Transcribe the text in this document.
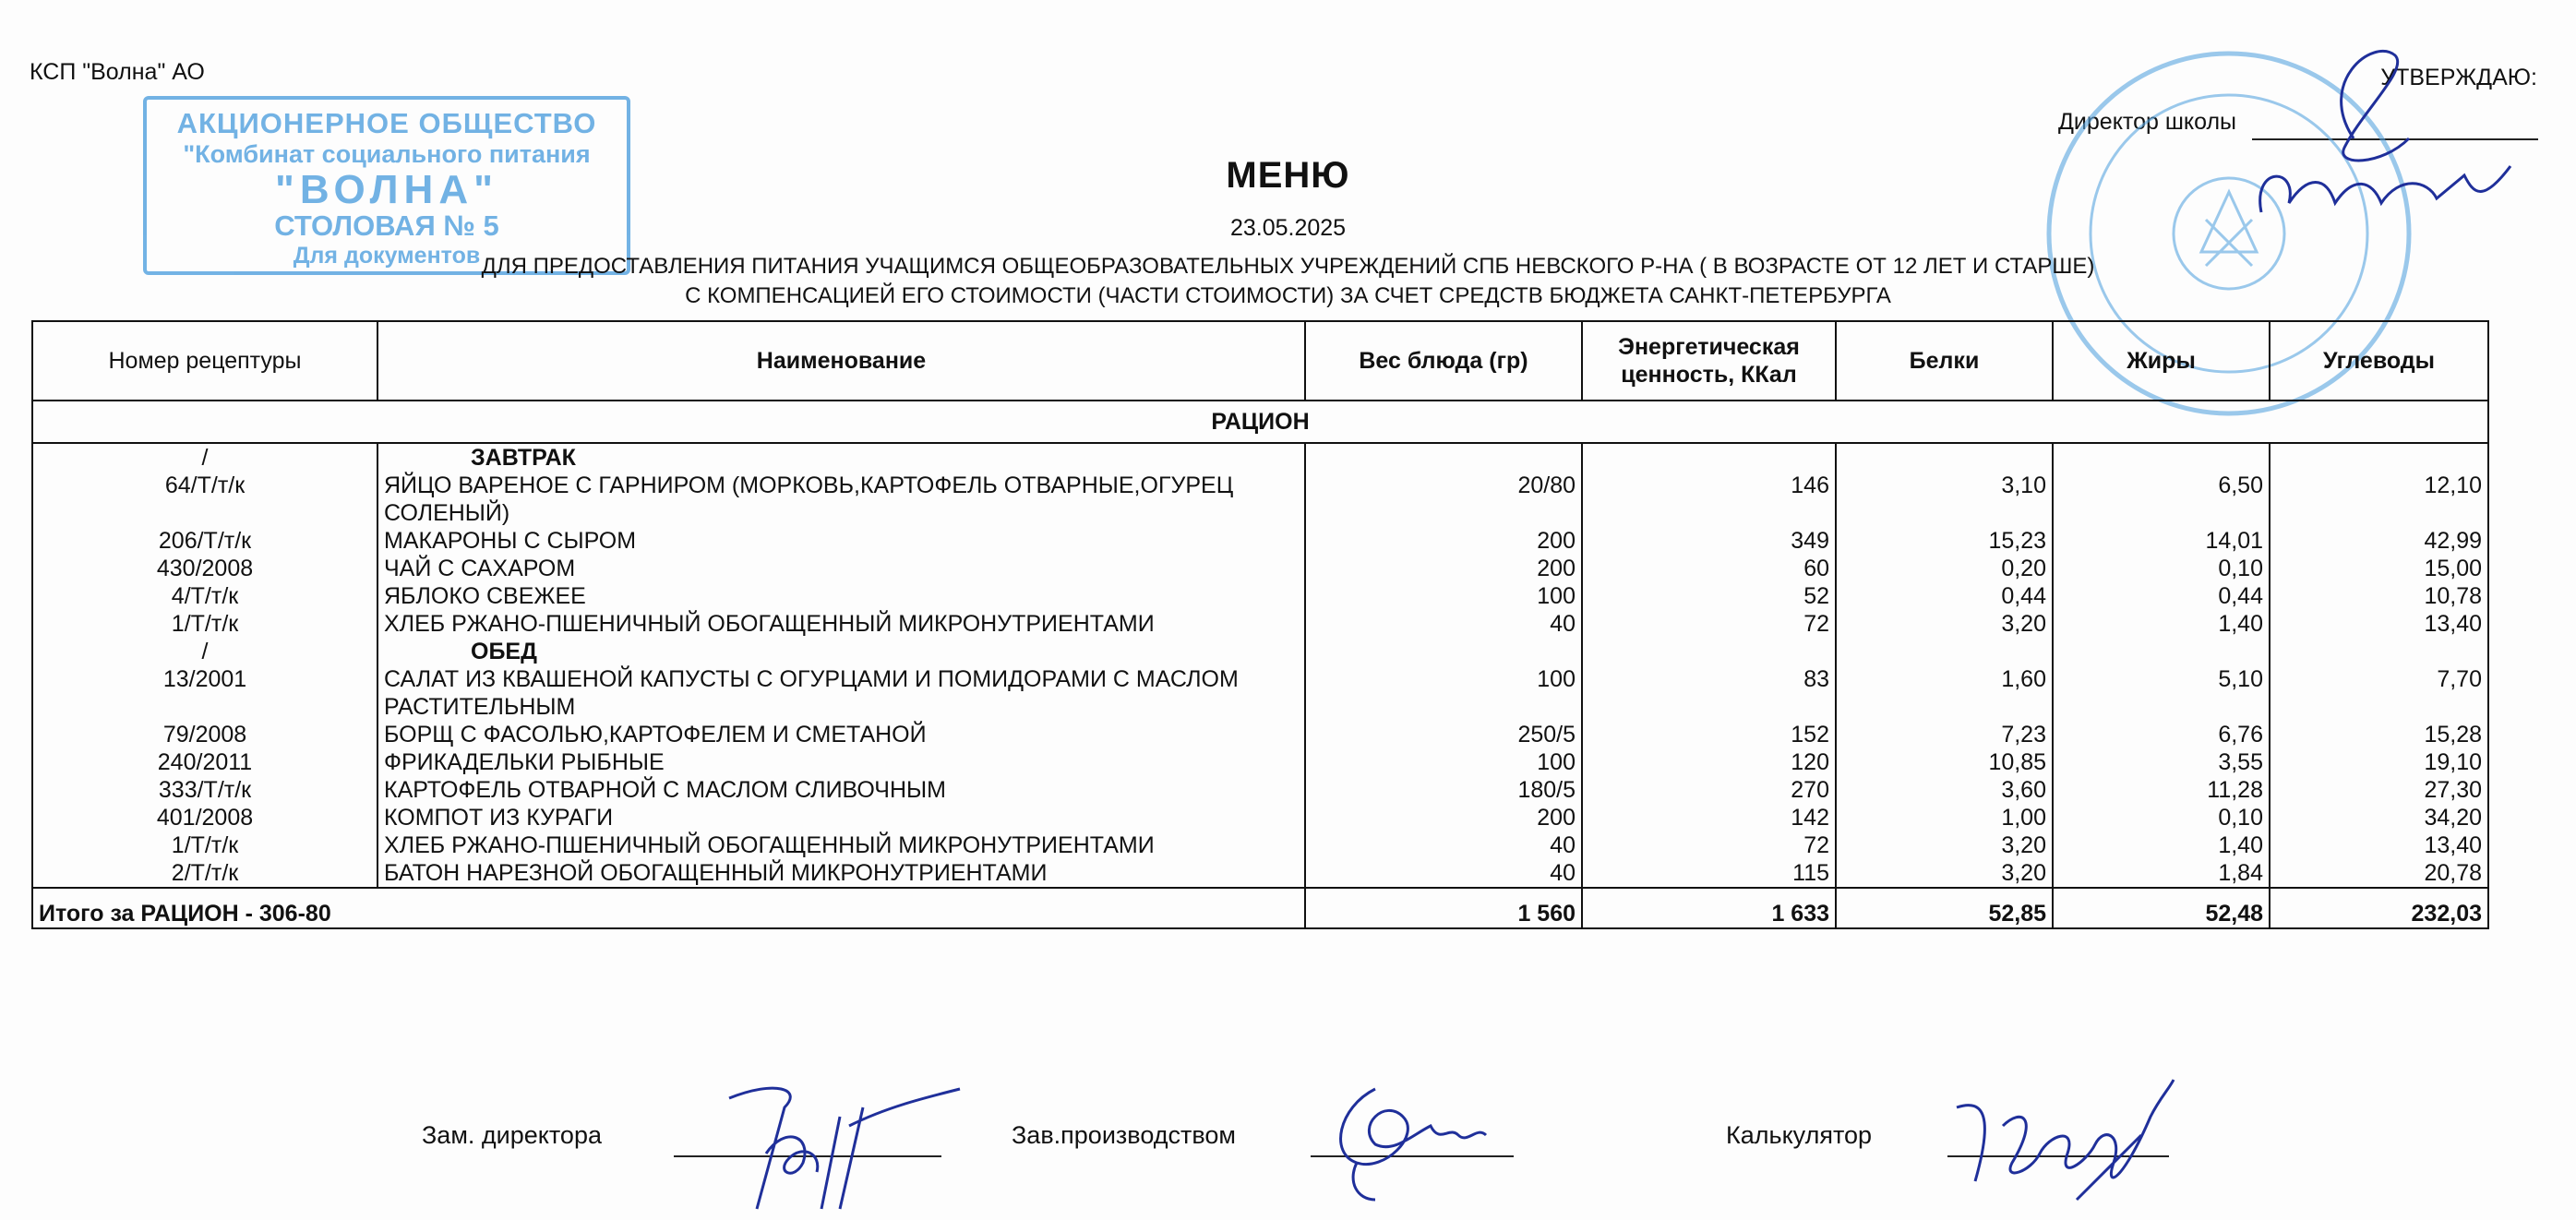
КСП "Волна" АО	УТВЕРЖДАЮ:
Директор школы
АКЦИОНЕРНОЕ ОБЩЕСТВО
"Комбинат социального питания
"ВОЛНА"
СТОЛОВАЯ № 5
Для документов
МЕНЮ
23.05.2025
ДЛЯ ПРЕДОСТАВЛЕНИЯ ПИТАНИЯ УЧАЩИМСЯ ОБЩЕОБРАЗОВАТЕЛЬНЫХ УЧРЕЖДЕНИЙ СПБ НЕВСКОГО Р-НА ( В ВОЗРАСТЕ ОТ 12 ЛЕТ И СТАРШЕ)
С КОМПЕНСАЦИЕЙ ЕГО СТОИМОСТИ (ЧАСТИ СТОИМОСТИ) ЗА СЧЕТ СРЕДСТВ БЮДЖЕТА САНКТ-ПЕТЕРБУРГА
Номер рецептуры	Наименование	Вес блюда (гр)	Энергетическая ценность, ККал	Белки	Жиры	Углеводы
РАЦИОН						
/	ЗАВТРАК					
64/Т/т/к	ЯЙЦО ВАРЕНОЕ С ГАРНИРОМ (МОРКОВЬ,КАРТОФЕЛЬ ОТВАРНЫЕ,ОГУРЕЦ СОЛЕНЫЙ)	20/80	146	3,10	6,50	12,10
206/Т/т/к	МАКАРОНЫ С СЫРОМ	200	349	15,23	14,01	42,99
430/2008	ЧАЙ С САХАРОМ	200	60	0,20	0,10	15,00
4/Т/т/к	ЯБЛОКО СВЕЖЕЕ	100	52	0,44	0,44	10,78
1/Т/т/к	ХЛЕБ РЖАНО-ПШЕНИЧНЫЙ ОБОГАЩЕННЫЙ МИКРОНУТРИЕНТАМИ	40	72	3,20	1,40	13,40
/	ОБЕД					
13/2001	САЛАТ ИЗ КВАШЕНОЙ КАПУСТЫ С ОГУРЦАМИ И ПОМИДОРАМИ С МАСЛОМ РАСТИТЕЛЬНЫМ	100	83	1,60	5,10	7,70
79/2008	БОРЩ С ФАСОЛЬЮ,КАРТОФЕЛЕМ И СМЕТАНОЙ	250/5	152	7,23	6,76	15,28
240/2011	ФРИКАДЕЛЬКИ РЫБНЫЕ	100	120	10,85	3,55	19,10
333/Т/т/к	КАРТОФЕЛЬ ОТВАРНОЙ С МАСЛОМ СЛИВОЧНЫМ	180/5	270	3,60	11,28	27,30
401/2008	КОМПОТ ИЗ КУРАГИ	200	142	1,00	0,10	34,20
1/Т/т/к	ХЛЕБ РЖАНО-ПШЕНИЧНЫЙ ОБОГАЩЕННЫЙ МИКРОНУТРИЕНТАМИ	40	72	3,20	1,40	13,40
2/Т/т/к	БАТОН НАРЕЗНОЙ ОБОГАЩЕННЫЙ МИКРОНУТРИЕНТАМИ	40	115	3,20	1,84	20,78
Итого за РАЦИОН - 306-80		1 560	1 633	52,85	52,48	232,03
Зам. директора	Зав.производством	Калькулятор
